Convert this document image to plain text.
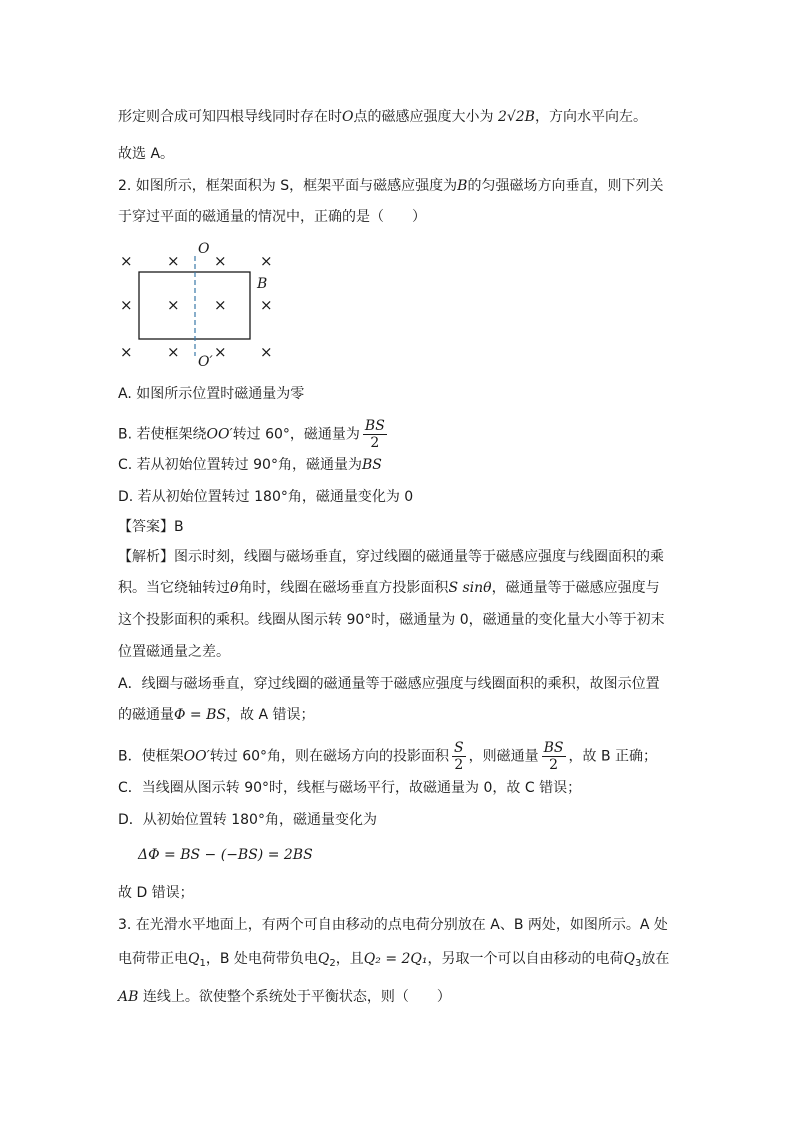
形定则合成可知四根导线同时存在时O点的磁感应强度大小为 2√2B，方向水平向左。
故选 A。
2. 如图所示，框架面积为 S，框架平面与磁感应强度为B的匀强磁场方向垂直，则下列关
于穿过平面的磁通量的情况中，正确的是（　　）
× × × ×
× × × ×
× × × ×
O
O′
B
A. 如图所示位置时磁通量为零
B. 若使框架绕OO′转过 60°，磁通量为 $\frac{BS}{2}$
C. 若从初始位置转过 90°角，磁通量为BS
D. 若从初始位置转过 180°角，磁通量变化为 0
【答案】B
【解析】图示时刻，线圈与磁场垂直，穿过线圈的磁通量等于磁感应强度与线圈面积的乘
积。当它绕轴转过θ角时，线圈在磁场垂直方投影面积S sinθ，磁通量等于磁感应强度与
这个投影面积的乘积。线圈从图示转 90°时，磁通量为 0，磁通量的变化量大小等于初末
位置磁通量之差。
A．线圈与磁场垂直，穿过线圈的磁通量等于磁感应强度与线圈面积的乘积，故图示位置
的磁通量Φ = BS，故 A 错误；
B．使框架OO′转过 60°角，则在磁场方向的投影面积 $\frac{S}{2}$ ，则磁通量 $\frac{BS}{2}$ ，故 B 正确；
C．当线圈从图示转 90°时，线框与磁场平行，故磁通量为 0，故 C 错误；
D．从初始位置转 180°角，磁通量变化为
ΔΦ = BS − (−BS) = 2BS
故 D 错误；
3. 在光滑水平地面上，有两个可自由移动的点电荷分别放在 A、B 两处，如图所示。A 处
电荷带正电$Q_1$，B 处电荷带负电$Q_2$，且Q₂ = 2Q₁，另取一个可以自由移动的电荷$Q_3$放在
AB 连线上。欲使整个系统处于平衡状态，则（　　）
